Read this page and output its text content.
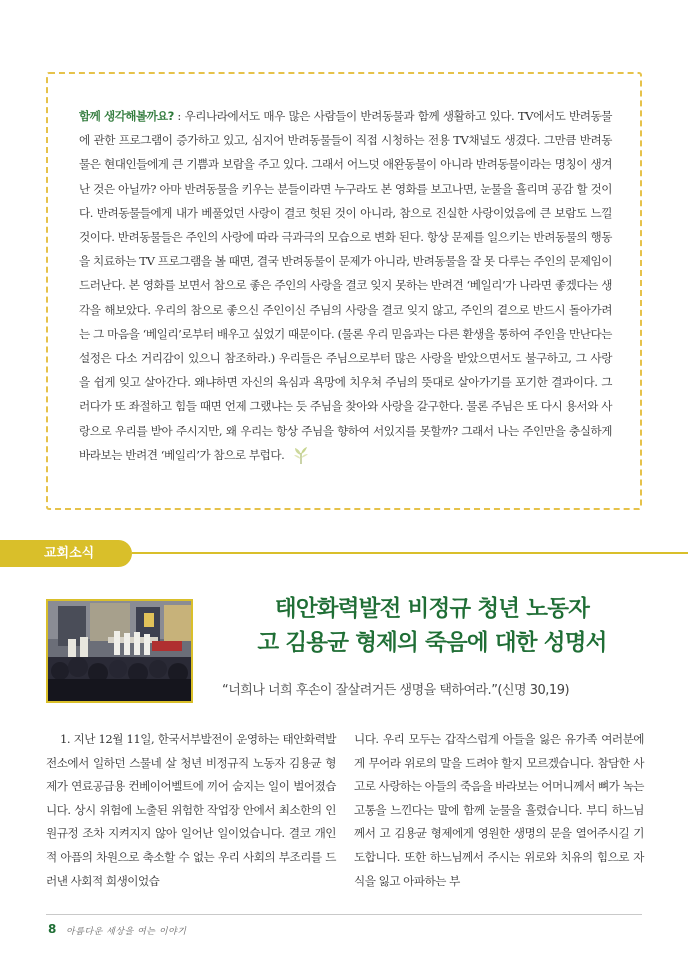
함께 생각해볼까요? : 우리나라에서도 매우 많은 사람들이 반려동물과 함께 생활하고 있다. TV에서도 반려동물에 관한 프로그램이 증가하고 있고, 심지어 반려동물들이 직접 시청하는 전용 TV채널도 생겼다. 그만큼 반려동물은 현대인들에게 큰 기쁨과 보람을 주고 있다. 그래서 어느덧 애완동물이 아니라 반려동물이라는 명칭이 생겨난 것은 아닐까? 아마 반려동물을 키우는 분들이라면 누구라도 본 영화를 보고나면, 눈물을 흘리며 공감 할 것이다. 반려동물들에게 내가 베풀었던 사랑이 결코 헛된 것이 아니라, 참으로 진실한 사랑이었음에 큰 보람도 느낄 것이다. 반려동물들은 주인의 사랑에 따라 극과극의 모습으로 변화 된다. 항상 문제를 일으키는 반려동물의 행동을 치료하는 TV 프로그램을 볼 때면, 결국 반려동물이 문제가 아니라, 반려동물을 잘 못 다루는 주인의 문제임이 드러난다. 본 영화를 보면서 참으로 좋은 주인의 사랑을 결코 잊지 못하는 반려견 ‘베일리’가 나라면 좋겠다는 생각을 해보았다. 우리의 참으로 좋으신 주인이신 주님의 사랑을 결코 잊지 않고, 주인의 곁으로 반드시 돌아가려는 그 마음을 ‘베일리’로부터 배우고 싶었기 때문이다. (물론 우리 믿음과는 다른 환생을 통하여 주인을 만난다는 설정은 다소 거리감이 있으니 참조하라.) 우리들은 주님으로부터 많은 사랑을 받았으면서도 불구하고, 그 사랑을 쉽게 잊고 살아간다. 왜냐하면 자신의 육심과 욕망에 치우쳐 주님의 뜻대로 살아가기를 포기한 결과이다. 그러다가 또 좌절하고 힘들 때면 언제 그랬냐는 듯 주님을 찾아와 사랑을 갈구한다. 물론 주님은 또 다시 용서와 사랑으로 우리를 받아 주시지만, 왜 우리는 항상 주님을 향하여 서있지를 못할까? 그래서 나는 주인만을 충실하게 바라보는 반려견 ‘베일리’가 참으로 부럽다.

교회소식
태안화력발전 비정규 청년 노동자
고 김용균 형제의 죽음에 대한 성명서
“너희나 너희 후손이 잘살려거든 생명을 택하여라.”(신명 30,19)

1. 지난 12월 11일, 한국서부발전이 운영하는 태안화력발전소에서 일하던 스물네 살 청년 비정규직 노동자 김용균 형제가 연료공급용 컨베이어벨트에 끼어 숨지는 일이 벌어졌습니다. 상시 위험에 노출된 위험한 작업장 안에서 최소한의 인원규정 조차 지켜지지 않아 일어난 일이었습니다. 결코 개인적 아픔의 차원으로 축소할 수 없는 우리 사회의 부조리를 드러낸 사회적 희생이었습

니다. 우리 모두는 갑작스럽게 아들을 잃은 유가족 여러분에게 무어라 위로의 말을 드려야 할지 모르겠습니다. 참담한 사고로 사랑하는 아들의 죽음을 바라보는 어머니께서 뼈가 녹는 고통을 느낀다는 말에 함께 눈물을 흘렸습니다. 부디 하느님께서 고 김용균 형제에게 영원한 생명의 문을 열어주시길 기도합니다. 또한 하느님께서 주시는 위로와 치유의 힘으로 자식을 잃고 아파하는 부

8 아름다운 세상을 여는 이야기
